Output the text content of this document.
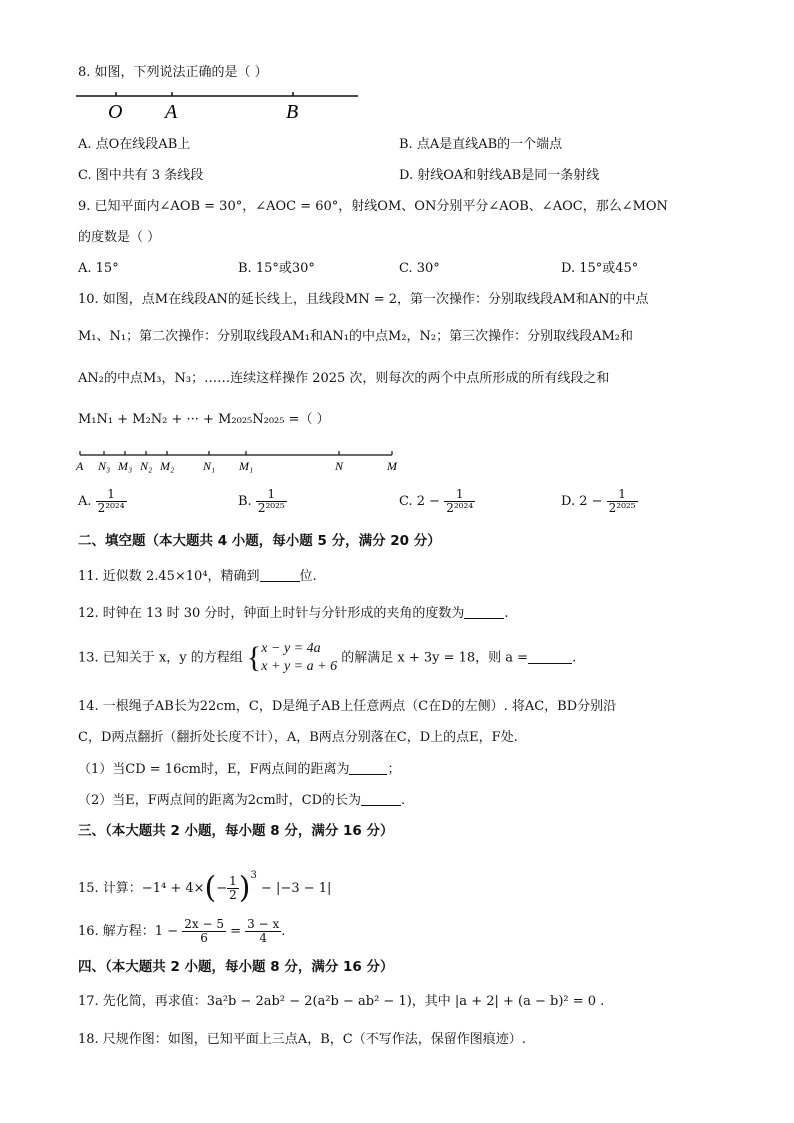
8. 如图，下列说法正确的是（ ）
O A	B
A. 点O在线段AB上	B. 点A是直线AB的一个端点
C. 图中共有 3 条线段	D. 射线OA和射线AB是同一条射线
9. 已知平面内∠AOB = 30°，∠AOC = 60°，射线OM、ON分别平分∠AOB、∠AOC，那么∠MON
的度数是（ ）
A. 15°	B. 15°或30°	C. 30°	D. 15°或45°
10. 如图，点M在线段AN的延长线上，且线段MN = 2，第一次操作：分别取线段AM和AN的中点
M₁、N₁；第二次操作：分别取线段AM₁和AN₁的中点M₂，N₂；第三次操作：分别取线段AM₂和
AN₂的中点M₃，N₃；……连续这样操作 2025 次，则每次的两个中点所形成的所有线段之和
M₁N₁ + M₂N₂ + ··· + M₂₀₂₅N₂₀₂₅ =（ ）
A N₃ M₃ N₂ M₂ N₁ M₁	N	M
A. $\frac{1}{\text{2²⁰²⁴}}$	B. $\frac{1}{\text{2²⁰²⁵}}$	C. $2 - \frac{1}{\text{2²⁰²⁴}}$	D. $2 - \frac{1}{\text{2²⁰²⁵}}$
二、填空题（本大题共 4 小题，每小题 5 分，满分 20 分）
11. 近似数 2.45×10⁴，精确到	位.
12. 时钟在 13 时 30 分时，钟面上时针与分针形成的夹角的度数为	.
13. 已知关于 x，y 的方程组 { x − y = 4a
x + y = a + 6
的解满足 x + 3y = 18，则 a =	.
14. 一根绳子AB长为22cm，C，D是绳子AB上任意两点（C在D的左侧）. 将AC，BD分别沿
C，D两点翻折（翻折处长度不计），A，B两点分别落在C，D上的点E，F处.
（1）当CD = 16cm时，E，F两点间的距离为	；
（2）当E，F两点间的距离为2cm时，CD的长为	.
三、（本大题共 2 小题，每小题 8 分，满分 16 分）
15. 计算：$-1^4 + 4\times(- \frac{1}{2} )^3 - |-3 - 1|$
16. 解方程：$1 - \frac{2x - 5}{6} = \frac{3 - x}{4}$ .
四、（本大题共 2 小题，每小题 8 分，满分 16 分）
17. 先化简，再求值：3a²b − 2ab² − 2(a²b − ab² − 1)，其中 |a + 2| + (a − b)² = 0 .
18. 尺规作图：如图，已知平面上三点A，B，C（不写作法，保留作图痕迹）.
